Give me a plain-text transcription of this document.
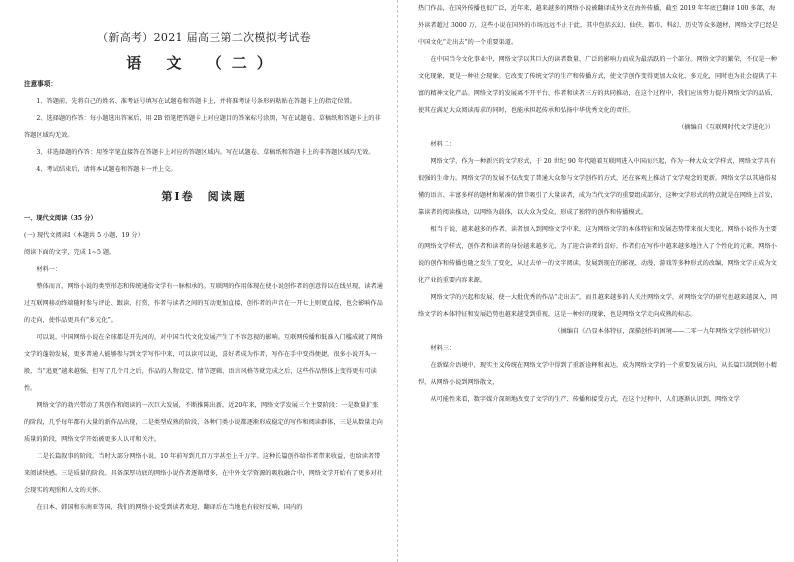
（新高考）2021 届高三第二次模拟考试卷
语 文 （二）
注意事项：

1、答题前，先将自己的姓名、准考证号填写在试题卷和答题卡上，并将准考证号条形码粘贴在答题卡上的指定位置。

2、选择题的作答：每小题选出答案后，用 2B 铅笔把答题卡上对应题目的答案标号涂黑，写在试题卷、草稿纸和答题卡上的非答题区域均无效。

3、非选择题的作答：用签字笔直接答在答题卡上对应的答题区域内。写在试题卷、草稿纸和答题卡上的非答题区域均无效。

4、考试结束后，请将本试题卷和答题卡一并上交。

第Ⅰ卷　阅读题
一、现代文阅读（35 分）
(一) 现代文阅读Ⅰ（本题共 5 小题，19 分）
阅读下面的文字，完成 1~5 题。

材料一：

整体而言，网络小说的类型形态和传统通俗文学有一脉相承的。互联网的作用体现在使小说创作者的创意得以在线呈现，读者通过互联网移动终端随时参与评论、跟读、打赏，作者与读者之间的互动更加直接，创作者的声音在一开七上则更直接，也会影响作品的走向，使作品更具有“多元化”。

可以说，中国网络小说在全球都是开先河的，对中国当代文化发展产生了不容忽视的影响。互联网传播和低准入门槛成就了网络文学的蓬勃发展，更多普通人能够参与到文学写作中来，可以读可以说，喜好者成为作者，写作在手中变得便捷。很多小说开头一般，当“追更”越来越强，但写了几个月之后，作品的人物设定、情节逻辑、语言风格等就完成之后，这些作品整体上变得更有可读性。

网络文学的勃兴带动了其创作和阅读的一次巨大发展，不断推陈出新。近20年来，网络文学发展三个主要阶段：一是数量扩张的阶段，几乎每年都有大量的新作品出现，二是类型成熟的阶段，各种门类小说都逐渐形成稳定的写作和阅读群体，三是从数量走向质量的阶段，网络文学开始被更多人认可和关注。

二是长篇叙事的阶段。当时大部分网络小说，10 年前写到几百万字甚至上千万字。这种长篇创作给作者带来收益，也给读者带来阅读快感。三是质量的阶段。具备深厚功底的网络小说作者逐渐增多，在中外文学资源的吸收融合中，网络文学开始有了更多对社会现实的观照和人文的关怀。

在日本、韩国和东南亚等国，我们的网络小说受到读者欢迎，翻译后在当地也有较好反响，国内的

热门作品，在国外传播也很广泛，近年来，越来越多的网络小说被翻译成外文在海外传播，截至 2019 年年底已翻译 100 多部，海外读者超过 3000 万，这些小说在国外的市场远远不止于此，其中包括玄幻、仙侠、都市、科幻、历史等众多题材，网络文学已经是中国文化“走出去”的一个重要渠道。

在中国当今文化事业中，网络文学以其巨大的读者数量、广泛的影响力而成为最活跃的一个部分。网络文学的繁荣，不仅是一种文化现象，更是一种社会现象。它改变了传统文学的生产和传播方式，使文学创作变得更加大众化、多元化，同时也为社会提供了丰富的精神文化产品。网络文学的发展离不开平台、作者和读者三方的共同推动，在这个过程中，我们应该努力提升网络文学的品质，使其在满足大众阅读需求的同时，也能承担起传承和弘扬中华优秀文化的责任。

（摘编自《互联网时代文学进化》）

材料二：

网络文学，作为一种新兴的文学形式，于 20 世纪 90 年代随着互联网进入中国而兴起，作为一种大众文学样式，网络文学具有很强的生命力。网络文学的发展不仅改变了普通大众参与文学创作的方式，还在客观上推动了文学观念的更新。网络文学以其通俗易懂的语言、丰富多样的题材和紧凑的情节吸引了大量读者，成为当代文学的重要组成部分，这种文学形式的特点就是在网络上首发，靠读者的阅读推动，以网络为载体，以大众为受众，形成了独特的创作和传播模式。

相当于说，越来越多的作者、读者加入到网络文学中来，这为网络文学的本体特征和发展态势带来很大变化，网络小说作为主要的网络文学样式，创作者和读者的身份越来越多元，为了迎合读者的喜好，作者们在写作中越来越多地注入了个性化的元素，网络小说的创作和传播也随之发生了变化，从过去单一的文字阅读，发展到现在的影视、动漫、游戏等多种形式的改编，网络文学正成为文化产业的重要内容来源。

网络文学的兴起和发展，使一大批优秀的作品“走出去”，而且越来越多的人关注网络文学，对网络文学的研究也越来越深入，网络文学的本体特征和发展趋势也越来越受到重视，这是一种好的现象，也是网络文学走向成熟的标志。

（摘编自《凸显本体特征，深描创作的困境——二零一九年网络文学创作研究》）

材料三：

在新媒介语境中，现实主义传统在网络文学中得到了重新诠释和表达，成为网络文学的一个重要发展方向，从长篇巨制到短小精悍，从网络小说到网络散文，

从可能性来看，数字媒介深刻地改变了文学的生产、传播和接受方式，在这个过程中，人们逐渐认识到，网络文学
